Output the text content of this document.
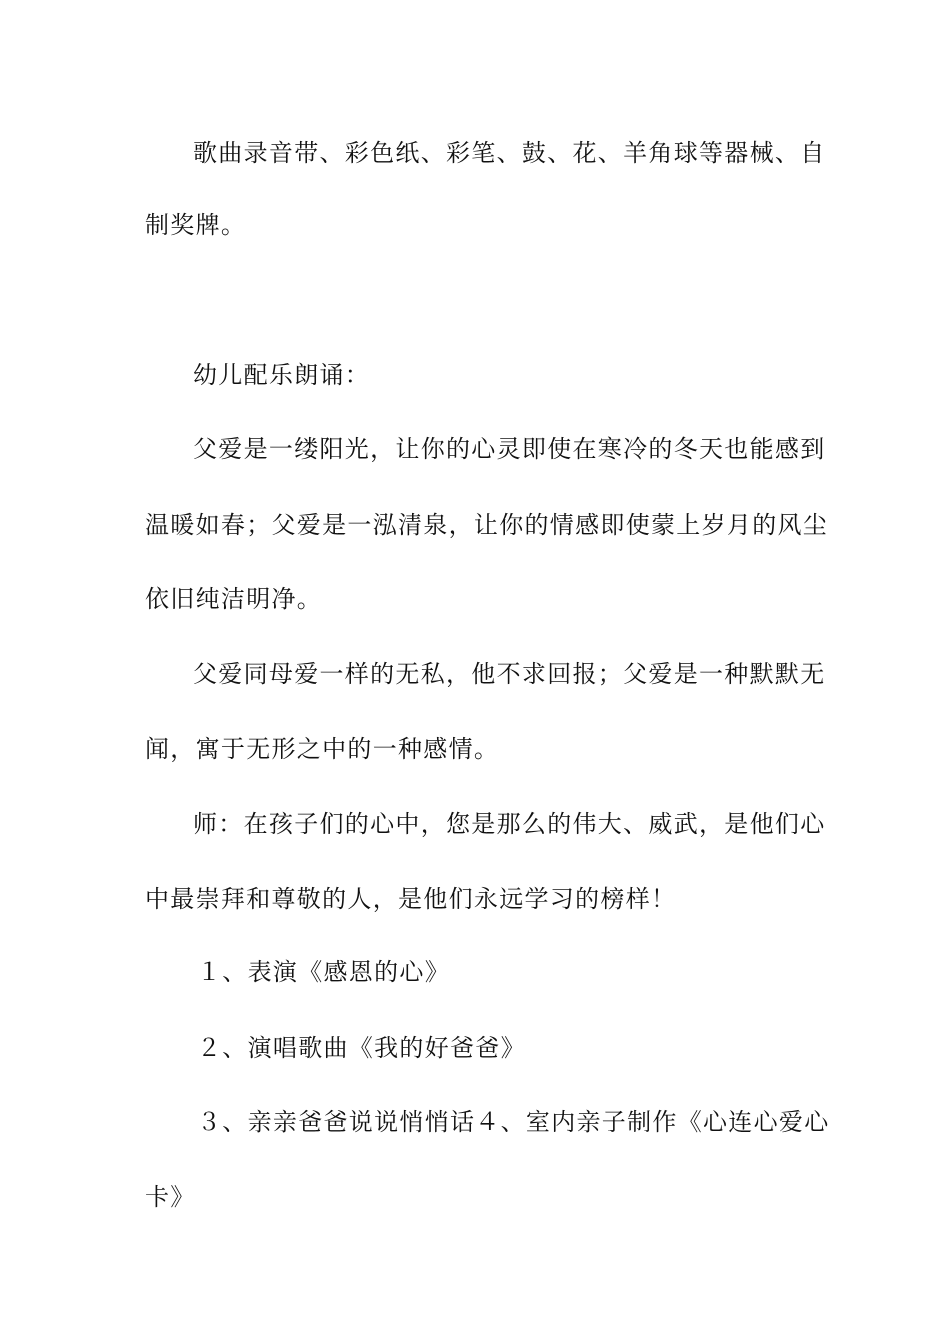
歌曲录音带、彩色纸、彩笔、鼓、花、羊角球等器械、自
制奖牌。
幼儿配乐朗诵：
父爱是一缕阳光，让你的心灵即使在寒冷的冬天也能感到
温暖如春；父爱是一泓清泉，让你的情感即使蒙上岁月的风尘
依旧纯洁明净。
父爱同母爱一样的无私，他不求回报；父爱是一种默默无
闻，寓于无形之中的一种感情。
师：在孩子们的心中，您是那么的伟大、威武，是他们心
中最崇拜和尊敬的人，是他们永远学习的榜样！
１、表演《感恩的心》
２、演唱歌曲《我的好爸爸》
３、亲亲爸爸说说悄悄话４、室内亲子制作《心连心爱心
卡》
